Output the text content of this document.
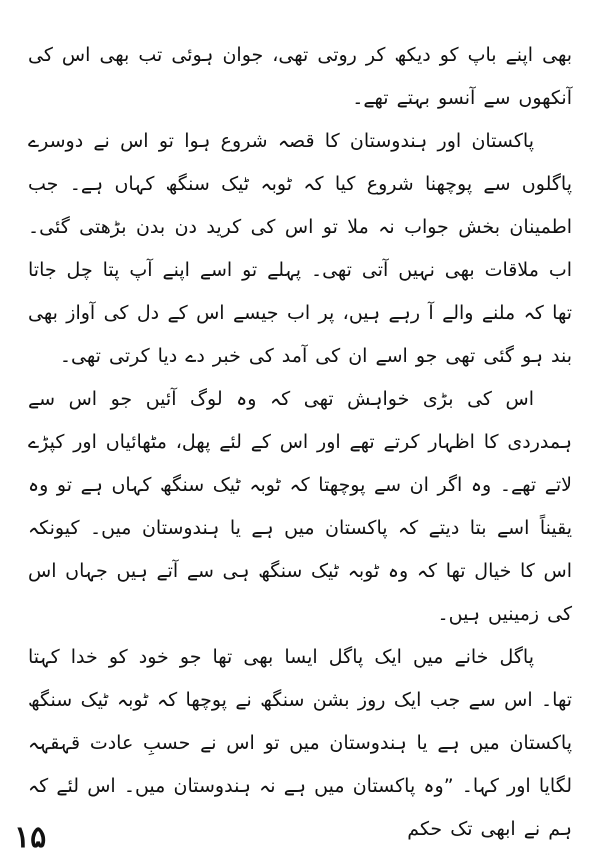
بھی اپنے باپ کو دیکھ کر روتی تھی، جوان ہوئی تب بھی اس کی آنکھوں سے آنسو بہتے تھے۔

پاکستان اور ہندوستان کا قصہ شروع ہوا تو اس نے دوسرے پاگلوں سے پوچھنا شروع کیا کہ ٹوبہ ٹیک سنگھ کہاں ہے۔ جب اطمینان بخش جواب نہ ملا تو اس کی کرید دن بدن بڑھتی گئی۔ اب ملاقات بھی نہیں آتی تھی۔ پہلے تو اسے اپنے آپ پتا چل جاتا تھا کہ ملنے والے آ رہے ہیں، پر اب جیسے اس کے دل کی آواز بھی بند ہو گئی تھی جو اسے ان کی آمد کی خبر دے دیا کرتی تھی۔

اس کی بڑی خواہش تھی کہ وہ لوگ آئیں جو اس سے ہمدردی کا اظہار کرتے تھے اور اس کے لئے پھل، مٹھائیاں اور کپڑے لاتے تھے۔ وہ اگر ان سے پوچھتا کہ ٹوبہ ٹیک سنگھ کہاں ہے تو وہ یقیناً اسے بتا دیتے کہ پاکستان میں ہے یا ہندوستان میں۔ کیونکہ اس کا خیال تھا کہ وہ ٹوبہ ٹیک سنگھ ہی سے آتے ہیں جہاں اس کی زمینیں ہیں۔

پاگل خانے میں ایک پاگل ایسا بھی تھا جو خود کو خدا کہتا تھا۔ اس سے جب ایک روز بشن سنگھ نے پوچھا کہ ٹوبہ ٹیک سنگھ پاکستان میں ہے یا ہندوستان میں تو اس نے حسبِ عادت قہقہہ لگایا اور کہا۔ ”وہ پاکستان میں ہے نہ ہندوستان میں۔ اس لئے کہ ہم نے ابھی تک حکم

۱۵
